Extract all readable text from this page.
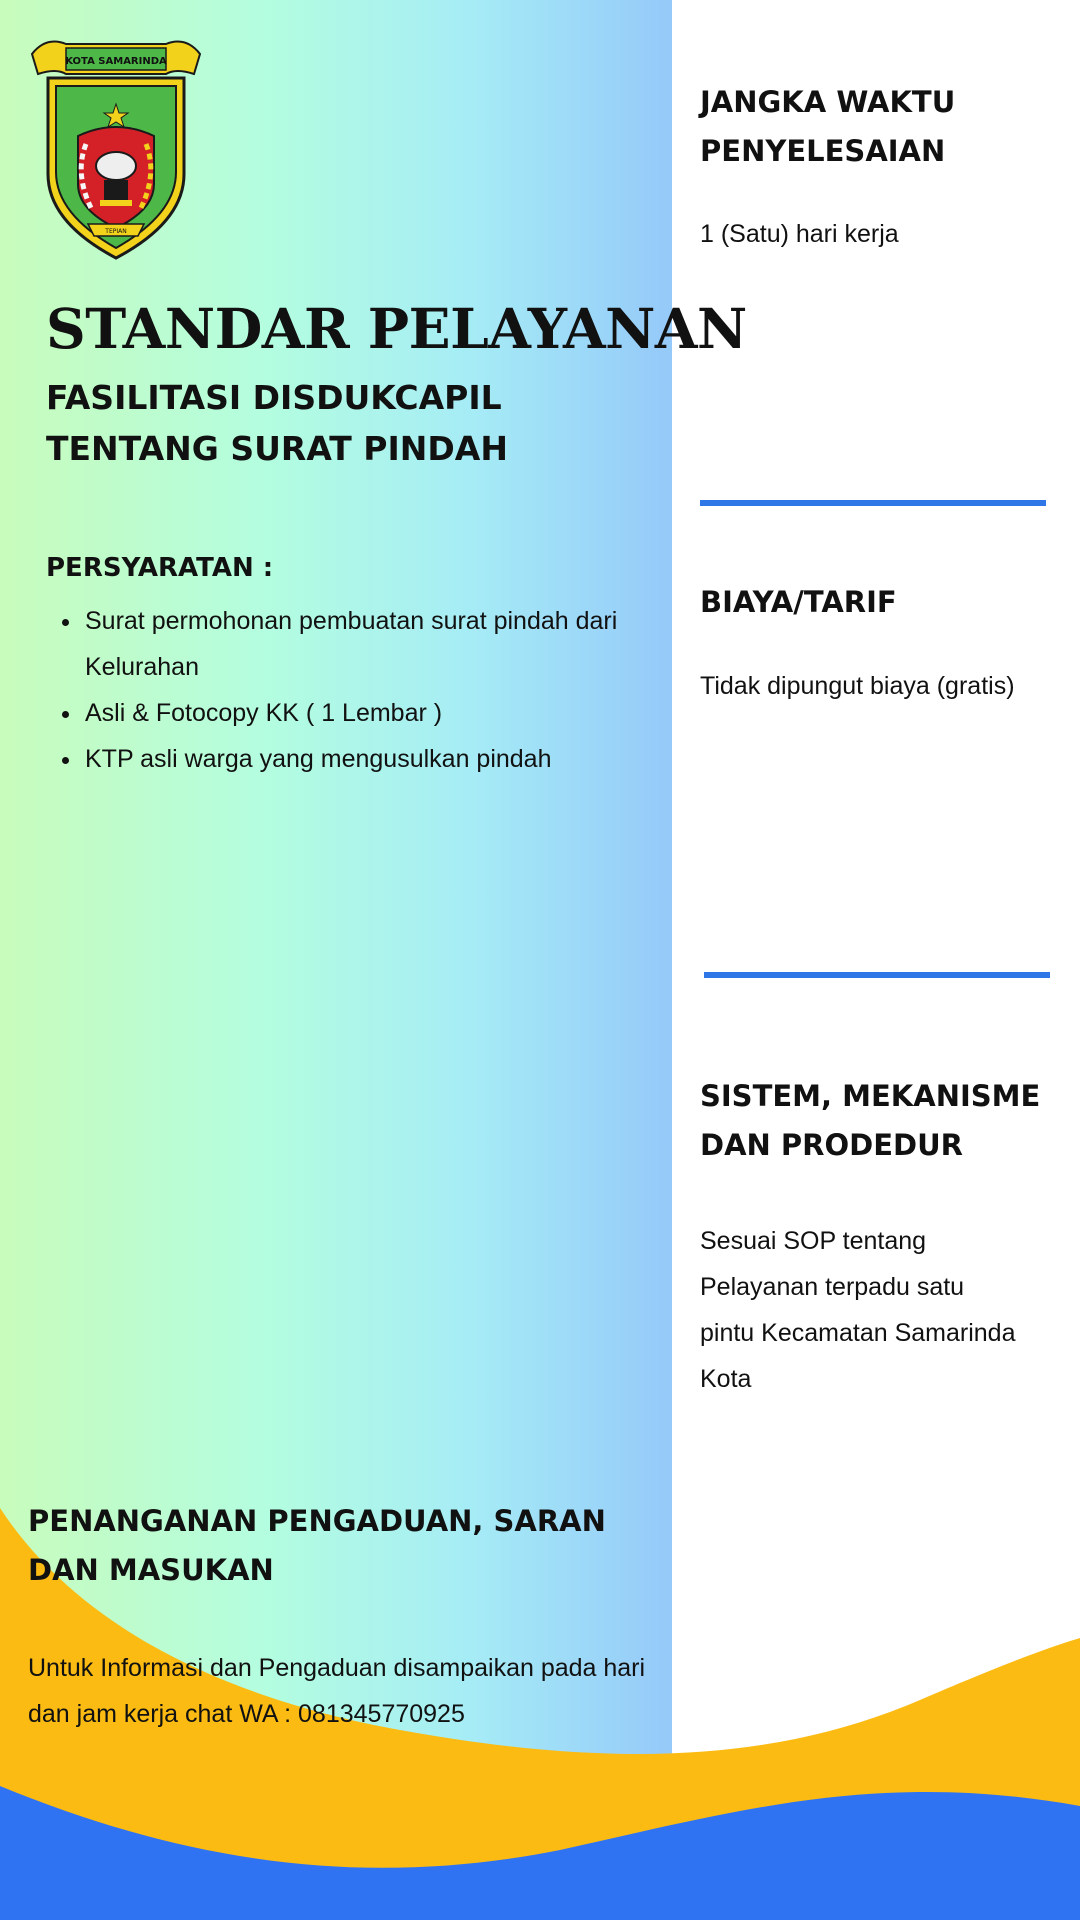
KOTA SAMARINDA
TEPIAN
STANDAR PELAYANAN
FASILITASI DISDUKCAPIL TENTANG SURAT PINDAH
PERSYARATAN :
• Surat permohonan pembuatan surat pindah dari Kelurahan
• Asli & Fotocopy KK ( 1 Lembar )
• KTP asli warga yang mengusulkan pindah
JANGKA WAKTU PENYELESAIAN

1 (Satu) hari kerja

BIAYA/TARIF

Tidak dipungut biaya (gratis)

SISTEM, MEKANISME DAN PRODEDUR

Sesuai SOP tentang Pelayanan terpadu satu pintu Kecamatan Samarinda Kota

PENANGANAN PENGADUAN, SARAN DAN MASUKAN

Untuk Informasi dan Pengaduan disampaikan pada hari dan jam kerja chat WA : 081345770925
